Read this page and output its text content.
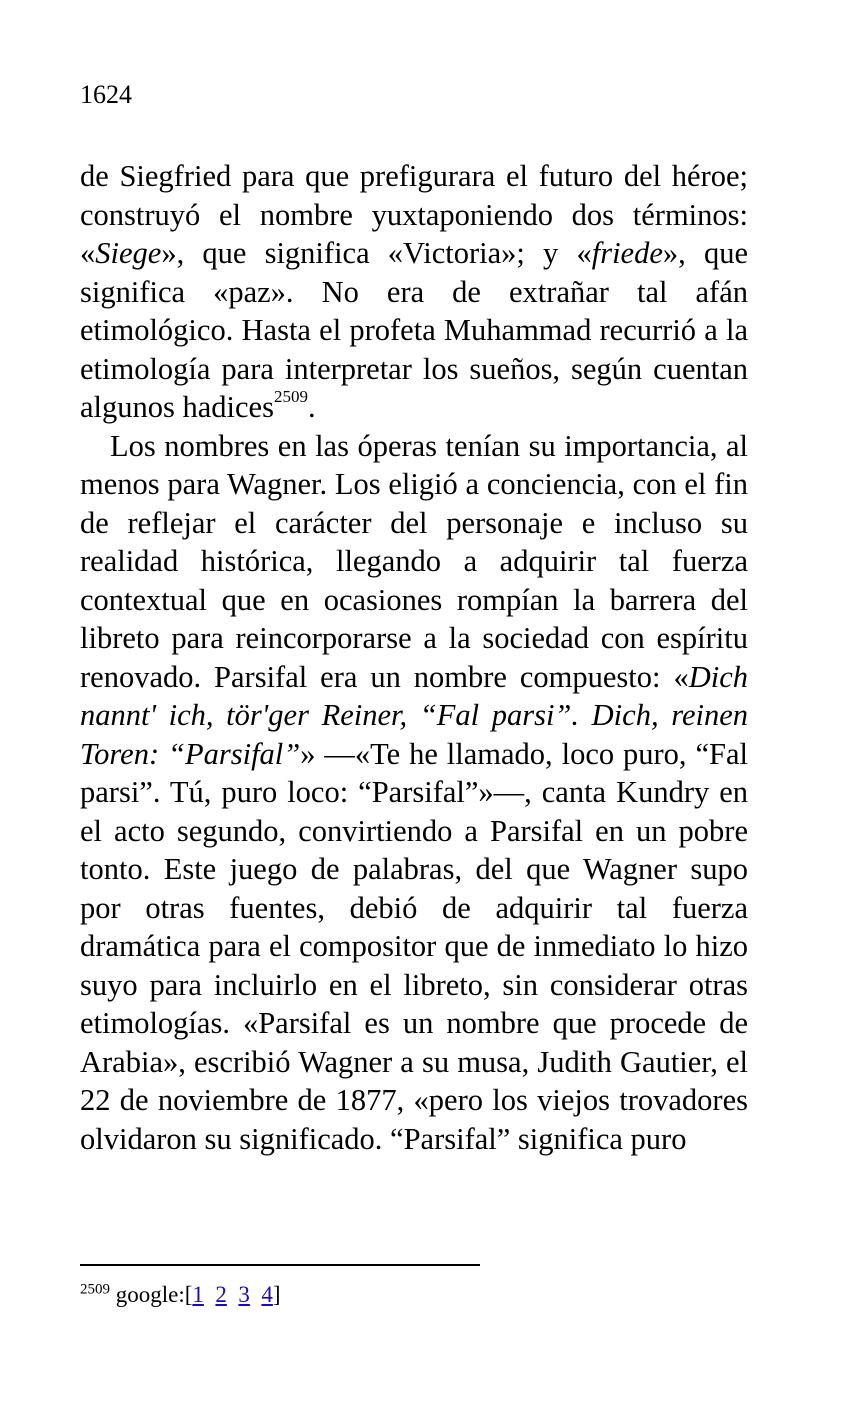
1624

de Siegfried para que prefigurara el futuro del héroe; construyó el nombre yuxtaponiendo dos términos: «Siege», que significa «Victoria»; y «friede», que significa «paz». No era de extrañar tal afán etimológico. Hasta el profeta Muhammad recurrió a la etimología para interpretar los sueños, según cuentan algunos hadices$^{2509}$.

Los nombres en las óperas tenían su importancia, al menos para Wagner. Los eligió a conciencia, con el fin de reflejar el carácter del personaje e incluso su realidad histórica, llegando a adquirir tal fuerza contextual que en ocasiones rompían la barrera del libreto para reincorporarse a la sociedad con espíritu renovado. Parsifal era un nombre compuesto: «Dich nannt' ich, tör'ger Reiner, “Fal parsi”. Dich, reinen Toren: “Parsifal”» —«Te he llamado, loco puro, “Fal parsi”. Tú, puro loco: “Parsifal”»—, canta Kundry en el acto segundo, convirtiendo a Parsifal en un pobre tonto. Este juego de palabras, del que Wagner supo por otras fuentes, debió de adquirir tal fuerza dramática para el compositor que de inmediato lo hizo suyo para incluirlo en el libreto, sin considerar otras etimologías. «Parsifal es un nombre que procede de Arabia», escribió Wagner a su musa, Judith Gautier, el 22 de noviembre de 1877, «pero los viejos trovadores olvidaron su significado. “Parsifal” significa puro

$^{2509}$ google:[1 2 3 4]
